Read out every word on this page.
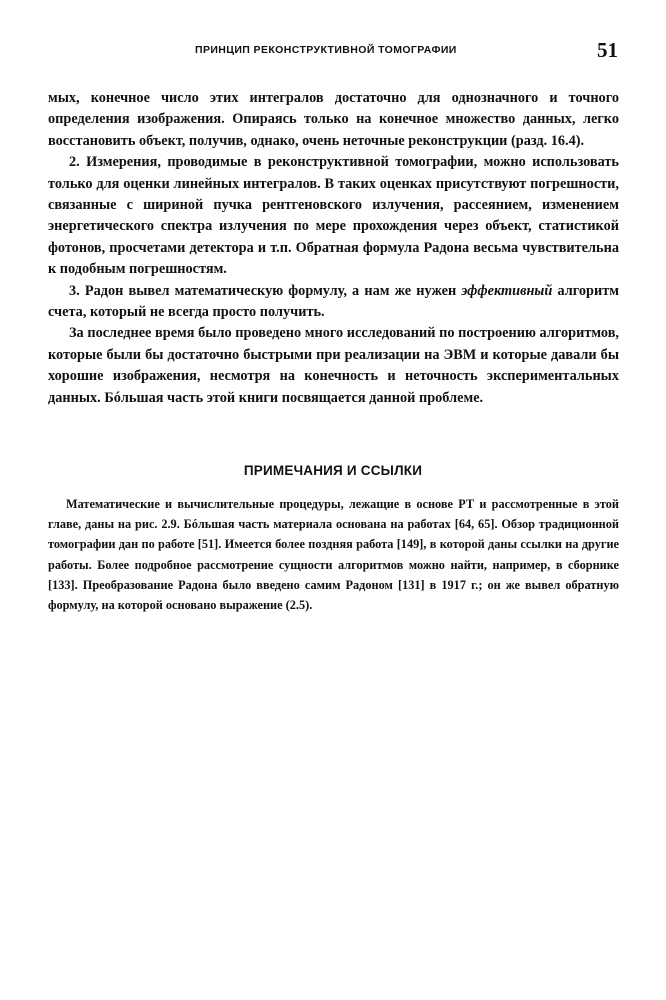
ПРИНЦИП РЕКОНСТРУКТИВНОЙ ТОМОГРАФИИ	51

мых, конечное число этих интегралов достаточно для однозначного и точного определения изображения. Опираясь только на конечное множество данных, легко восстановить объект, получив, однако, очень неточные реконструкции (разд. 16.4).

2. Измерения, проводимые в реконструктивной томографии, можно использовать только для оценки линейных интегралов. В таких оценках присутствуют погрешности, связанные с шириной пучка рентгеновского излучения, рассеянием, изменением энергетического спектра излучения по мере прохождения через объект, статистикой фотонов, просчетами детектора и т.п. Обратная формула Радона весьма чувствительна к подобным погрешностям.

3. Радон вывел математическую формулу, а нам же нужен эффективный алгоритм счета, который не всегда просто получить.

За последнее время было проведено много исследований по построению алгоритмов, которые были бы достаточно быстрыми при реализации на ЭВМ и которые давали бы хорошие изображения, несмотря на конечность и неточность экспериментальных данных. Бóльшая часть этой книги посвящается данной проблеме.

ПРИМЕЧАНИЯ И ССЫЛКИ

Математические и вычислительные процедуры, лежащие в основе РТ и рассмотренные в этой главе, даны на рис. 2.9. Бóльшая часть материала основана на работах [64, 65]. Обзор традиционной томографии дан по работе [51]. Имеется более поздняя работа [149], в которой даны ссылки на другие работы. Более подробное рассмотрение сущности алгоритмов можно найти, например, в сборнике [133]. Преобразование Радона было введено самим Радоном [131] в 1917 г.; он же вывел обратную формулу, на которой основано выражение (2.5).
